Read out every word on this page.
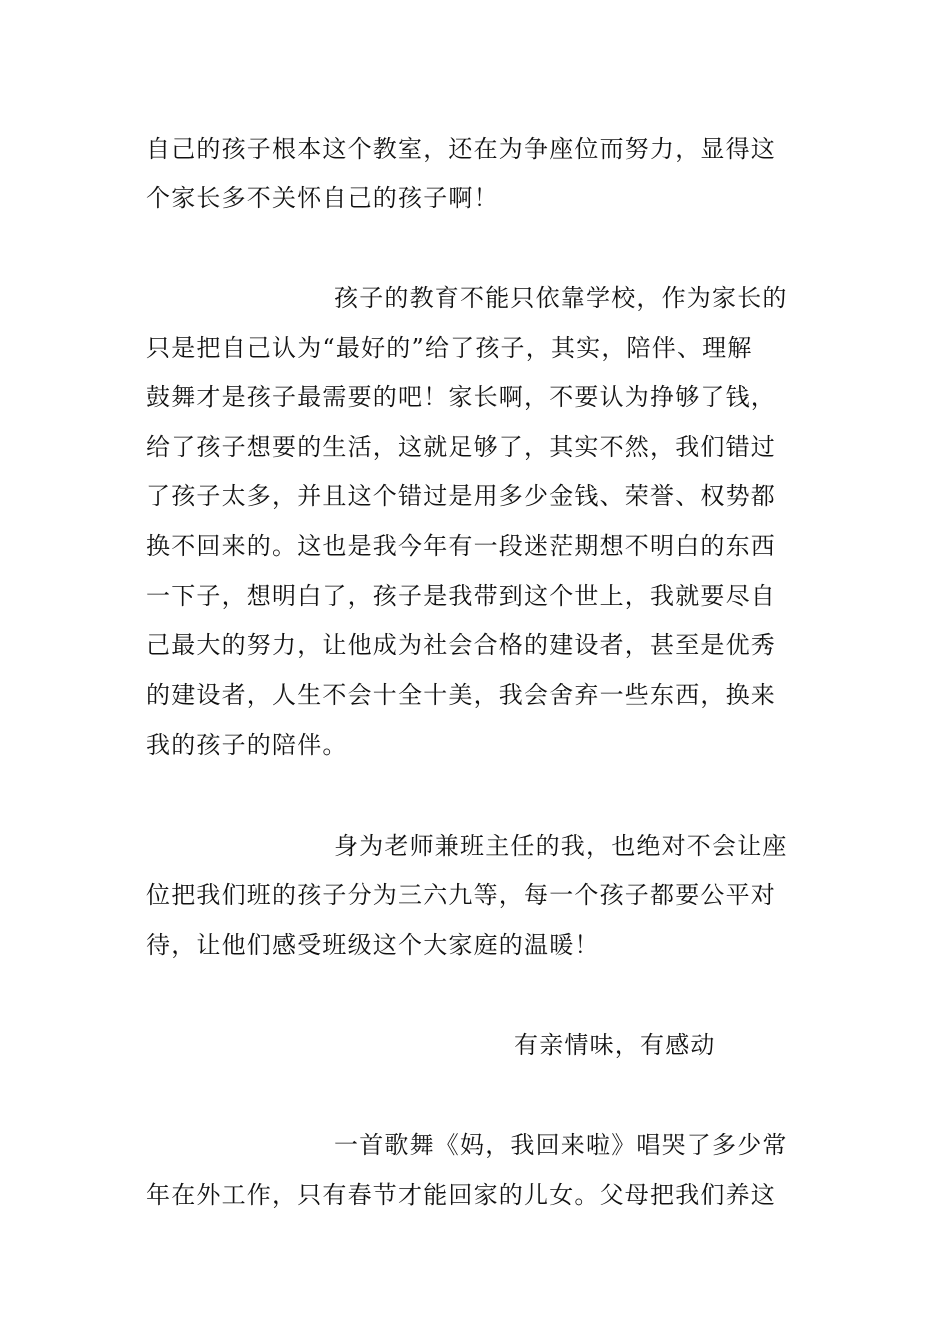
自己的孩子根本这个教室，还在为争座位而努力，显得这

个家长多不关怀自己的孩子啊！

孩子的教育不能只依靠学校，作为家长的

只是把自己认为“最好的”给了孩子，其实，陪伴、理解

鼓舞才是孩子最需要的吧！家长啊，不要认为挣够了钱，

给了孩子想要的生活，这就足够了，其实不然，我们错过

了孩子太多，并且这个错过是用多少金钱、荣誉、权势都

换不回来的。这也是我今年有一段迷茫期想不明白的东西

一下子，想明白了，孩子是我带到这个世上，我就要尽自

己最大的努力，让他成为社会合格的建设者，甚至是优秀

的建设者，人生不会十全十美，我会舍弃一些东西，换来

我的孩子的陪伴。

身为老师兼班主任的我，也绝对不会让座

位把我们班的孩子分为三六九等，每一个孩子都要公平对

待，让他们感受班级这个大家庭的温暖！

有亲情味，有感动

一首歌舞《妈，我回来啦》唱哭了多少常

年在外工作，只有春节才能回家的儿女。父母把我们养这
